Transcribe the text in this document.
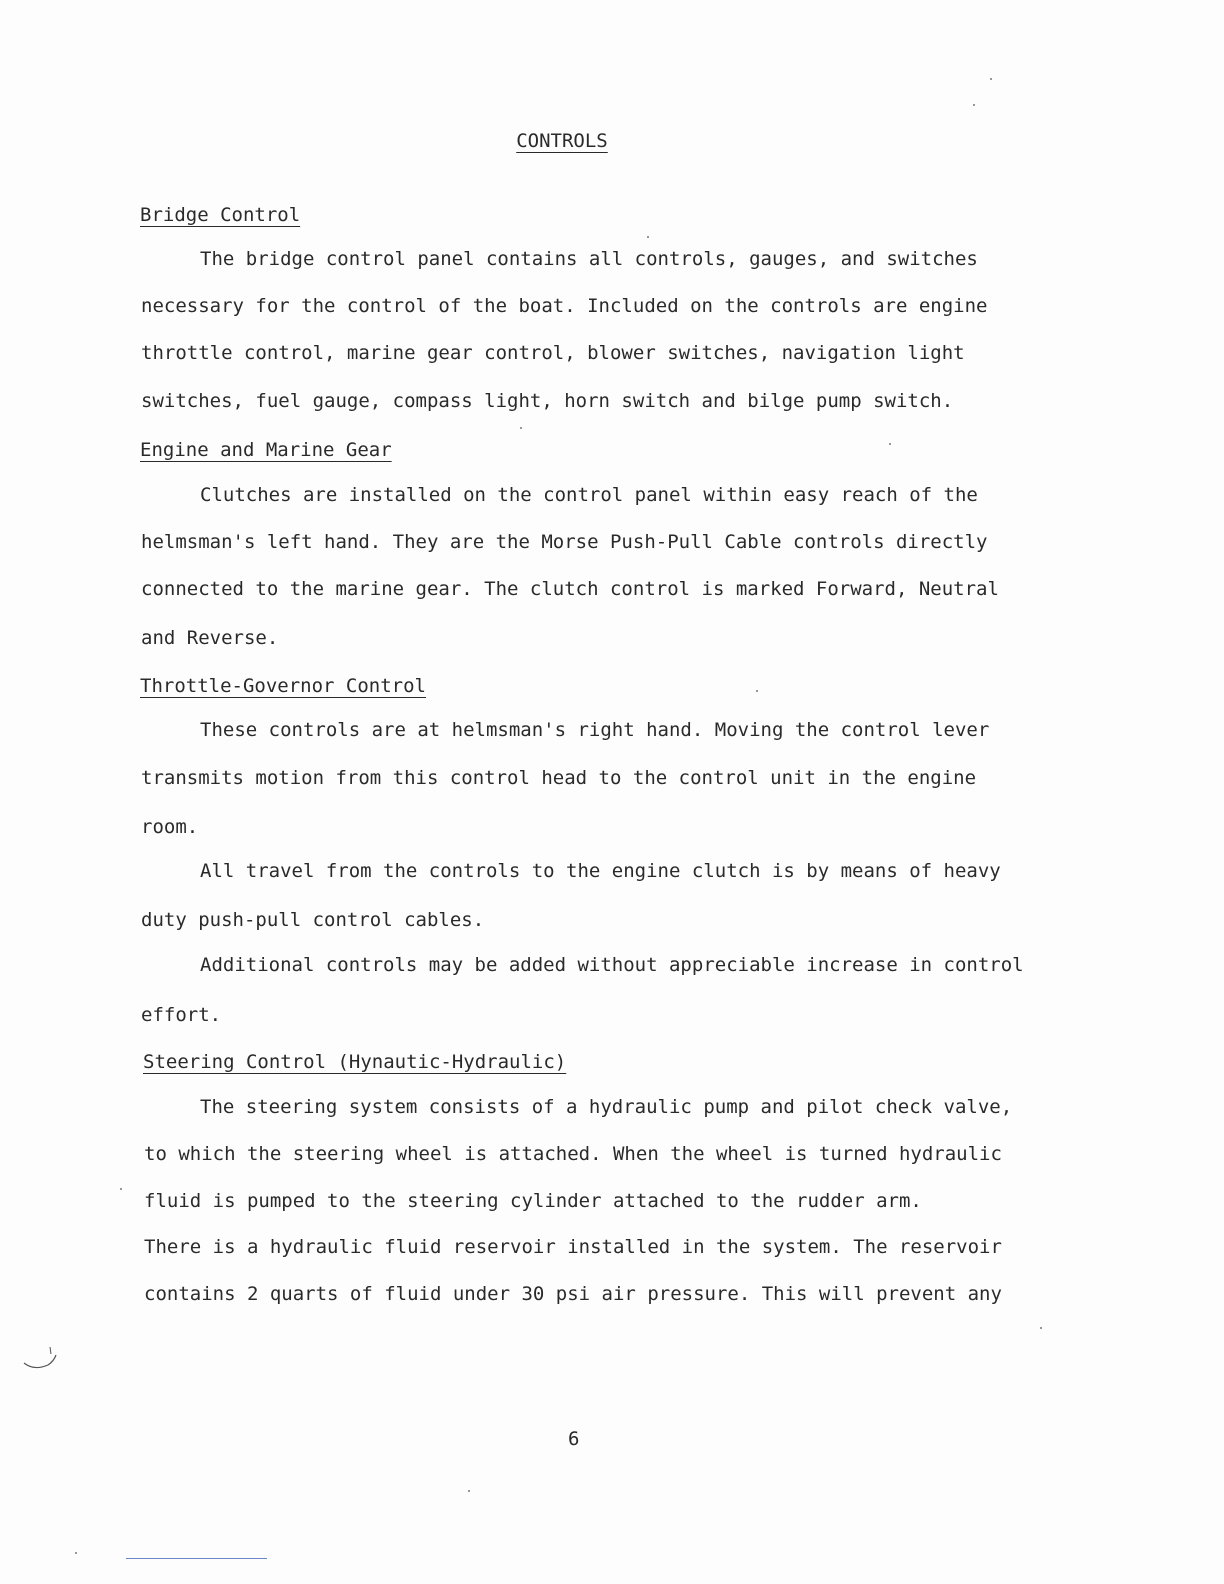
CONTROLS
Bridge Control
The bridge control panel contains all controls, gauges, and switches
necessary for the control of the boat. Included on the controls are engine
throttle control, marine gear control, blower switches, navigation light
switches, fuel gauge, compass light, horn switch and bilge pump switch.
Engine and Marine Gear
Clutches are installed on the control panel within easy reach of the
helmsman's left hand. They are the Morse Push-Pull Cable controls directly
connected to the marine gear. The clutch control is marked Forward, Neutral
and Reverse.
Throttle-Governor Control
These controls are at helmsman's right hand. Moving the control lever
transmits motion from this control head to the control unit in the engine
room.
All travel from the controls to the engine clutch is by means of heavy
duty push-pull control cables.
Additional controls may be added without appreciable increase in control
effort.
Steering Control (Hynautic-Hydraulic)
The steering system consists of a hydraulic pump and pilot check valve,
to which the steering wheel is attached. When the wheel is turned hydraulic
fluid is pumped to the steering cylinder attached to the rudder arm.
There is a hydraulic fluid reservoir installed in the system. The reservoir
contains 2 quarts of fluid under 30 psi air pressure. This will prevent any
6
